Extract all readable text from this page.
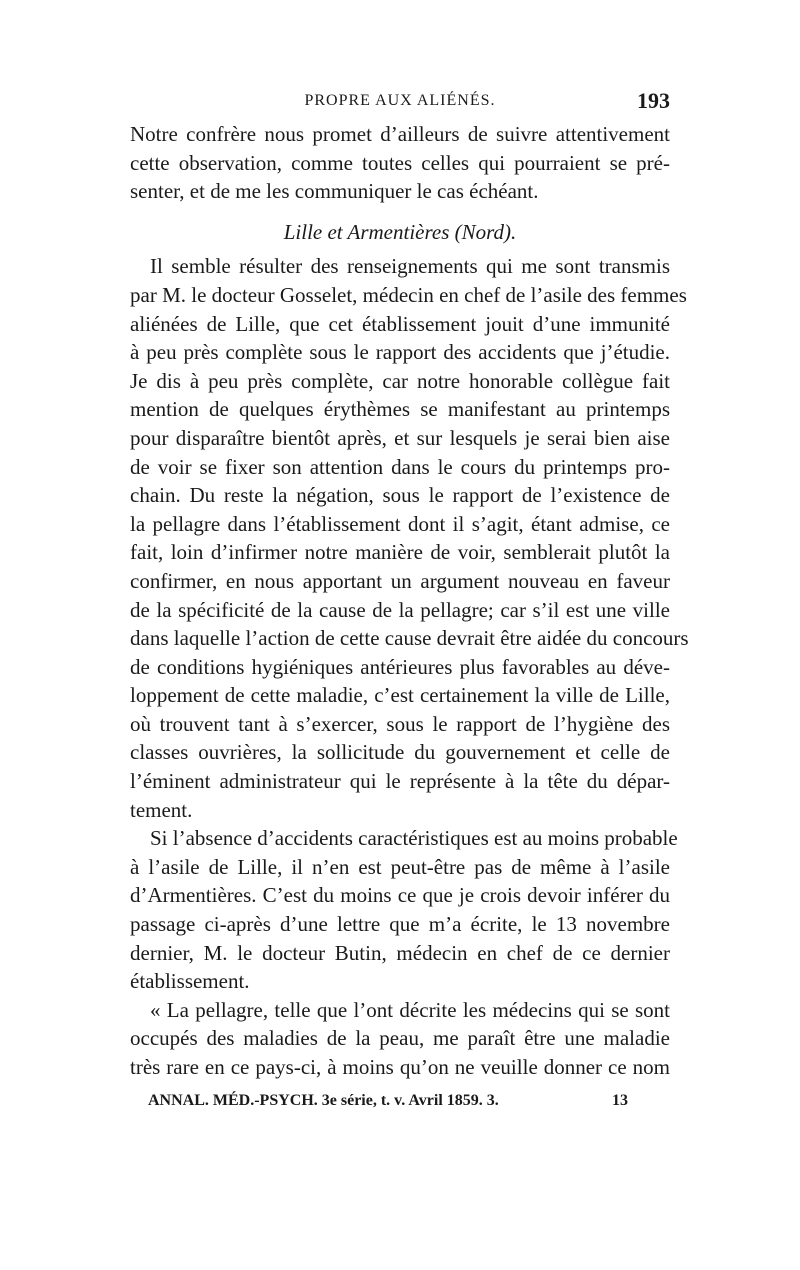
PROPRE AUX ALIÉNÉS.	193
Notre confrère nous promet d’ailleurs de suivre attentivement
cette observation, comme toutes celles qui pourraient se pré-
senter, et de me les communiquer le cas échéant.
Lille et Armentières (Nord).
Il semble résulter des renseignements qui me sont transmis
par M. le docteur Gosselet, médecin en chef de l’asile des femmes
aliénées de Lille, que cet établissement jouit d’une immunité
à peu près complète sous le rapport des accidents que j’étudie.
Je dis à peu près complète, car notre honorable collègue fait
mention de quelques érythèmes se manifestant au printemps
pour disparaître bientôt après, et sur lesquels je serai bien aise
de voir se fixer son attention dans le cours du printemps pro-
chain. Du reste la négation, sous le rapport de l’existence de
la pellagre dans l’établissement dont il s’agit, étant admise, ce
fait, loin d’infirmer notre manière de voir, semblerait plutôt la
confirmer, en nous apportant un argument nouveau en faveur
de la spécificité de la cause de la pellagre; car s’il est une ville
dans laquelle l’action de cette cause devrait être aidée du concours
de conditions hygiéniques antérieures plus favorables au déve-
loppement de cette maladie, c’est certainement la ville de Lille,
où trouvent tant à s’exercer, sous le rapport de l’hygiène des
classes ouvrières, la sollicitude du gouvernement et celle de
l’éminent administrateur qui le représente à la tête du dépar-
tement.
Si l’absence d’accidents caractéristiques est au moins probable
à l’asile de Lille, il n’en est peut-être pas de même à l’asile
d’Armentières. C’est du moins ce que je crois devoir inférer du
passage ci-après d’une lettre que m’a écrite, le 13 novembre
dernier, M. le docteur Butin, médecin en chef de ce dernier
établissement.
« La pellagre, telle que l’ont décrite les médecins qui se sont
occupés des maladies de la peau, me paraît être une maladie
très rare en ce pays-ci, à moins qu’on ne veuille donner ce nom
ANNAL. MÉD.-PSYCH. 3e série, t. v. Avril 1859. 3.	13
